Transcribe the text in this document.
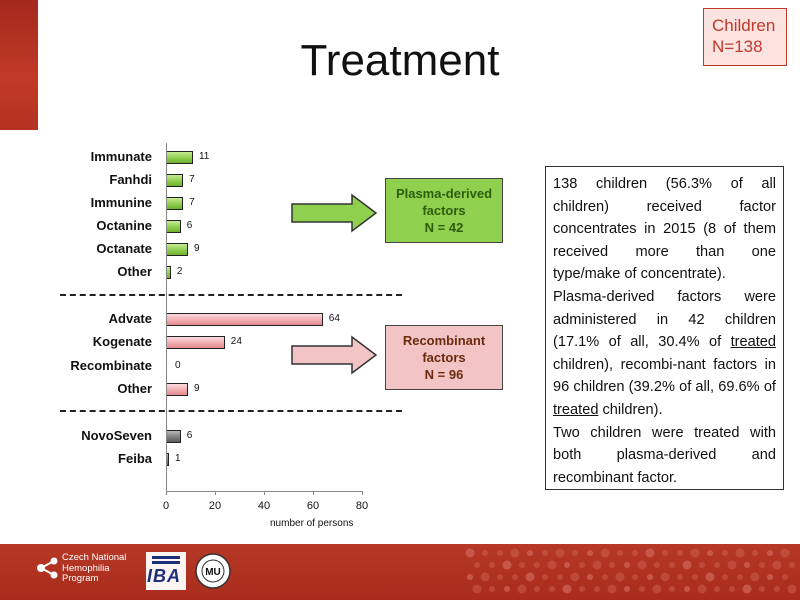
Treatment
Children
N=138
Immunate	11
Fanhdi	7
Immunine	7
Octanine	6
Octanate	9
Other 2
Advate	64
Kogenate	24
Recombinate 0
Other	9
NovoSeven	6
Feiba 1
0	20	40	60	80
number of persons
Plasma-derived
factors
N = 42
Recombinant
factors
N = 96

138 children (56.3% of all children) received factor concentrates in 2015 (8 of them received more than one type/make of concentrate).

Plasma-derived factors were administered in 42 children (17.1% of all, 30.4% of treated children), recombi-nant factors in 96 children (39.2% of all, 69.6% of treated children).

Two children were treated with both plasma-derived and recombinant factor.

Czech National
Hemophilia
Program	IBA MU
